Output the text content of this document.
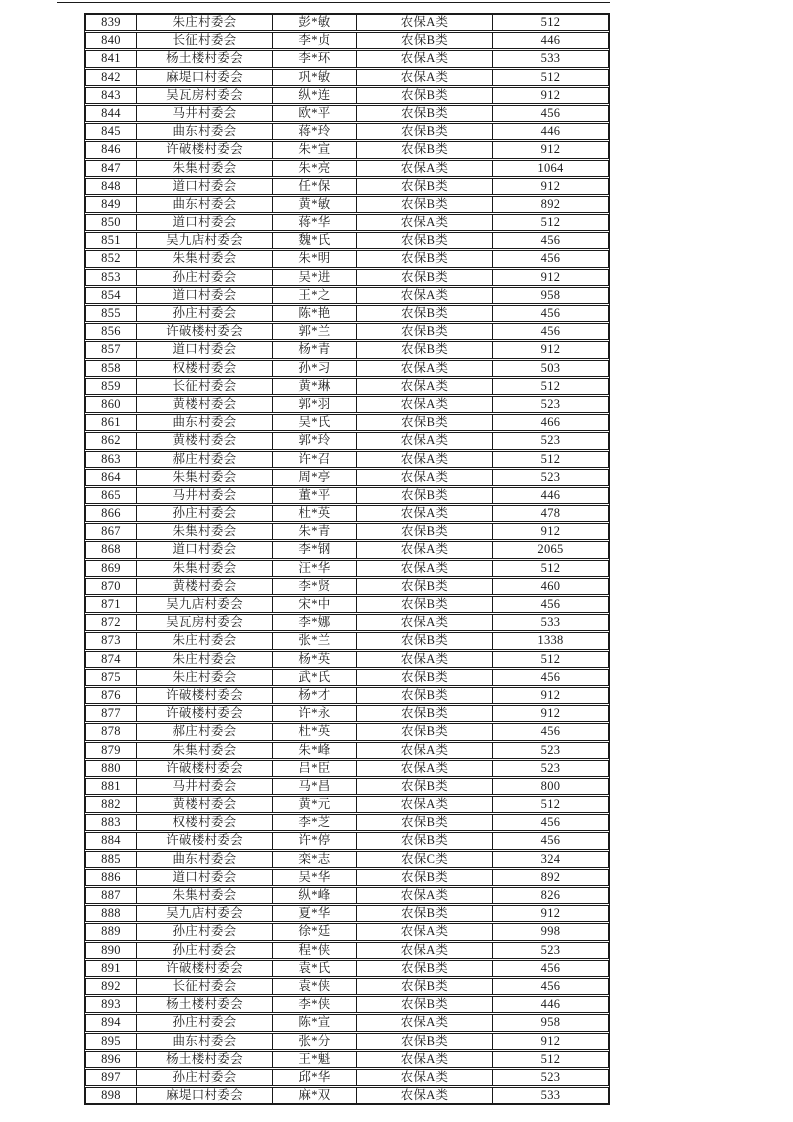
839	朱庄村委会	彭*敏	农保A类	512
840	长征村委会	李*贞	农保B类	446
841	杨土楼村委会	李*环	农保A类	533
842	麻堤口村委会	巩*敏	农保A类	512
843	吴瓦房村委会	纵*连	农保B类	912
844	马井村委会	欧*平	农保B类	456
845	曲东村委会	蒋*玲	农保B类	446
846	许破楼村委会	朱*宣	农保B类	912
847	朱集村委会	朱*亮	农保A类	1064
848	道口村委会	任*保	农保B类	912
849	曲东村委会	黄*敏	农保B类	892
850	道口村委会	蒋*华	农保A类	512
851	吴九店村委会	魏*氏	农保B类	456
852	朱集村委会	朱*明	农保B类	456
853	孙庄村委会	吴*进	农保B类	912
854	道口村委会	王*之	农保A类	958
855	孙庄村委会	陈*艳	农保B类	456
856	许破楼村委会	郭*兰	农保B类	456
857	道口村委会	杨*青	农保B类	912
858	权楼村委会	孙*习	农保A类	503
859	长征村委会	黄*琳	农保A类	512
860	黄楼村委会	郭*羽	农保A类	523
861	曲东村委会	吴*氏	农保B类	466
862	黄楼村委会	郭*玲	农保A类	523
863	郝庄村委会	许*召	农保A类	512
864	朱集村委会	周*亭	农保A类	523
865	马井村委会	董*平	农保B类	446
866	孙庄村委会	杜*英	农保A类	478
867	朱集村委会	朱*青	农保B类	912
868	道口村委会	李*钢	农保A类	2065
869	朱集村委会	汪*华	农保A类	512
870	黄楼村委会	李*贤	农保B类	460
871	吴九店村委会	宋*中	农保B类	456
872	吴瓦房村委会	李*娜	农保A类	533
873	朱庄村委会	张*兰	农保B类	1338
874	朱庄村委会	杨*英	农保A类	512
875	朱庄村委会	武*氏	农保B类	456
876	许破楼村委会	杨*才	农保B类	912
877	许破楼村委会	许*永	农保B类	912
878	郝庄村委会	杜*英	农保B类	456
879	朱集村委会	朱*峰	农保A类	523
880	许破楼村委会	吕*臣	农保A类	523
881	马井村委会	马*昌	农保B类	800
882	黄楼村委会	黄*元	农保A类	512
883	权楼村委会	李*芝	农保B类	456
884	许破楼村委会	许*停	农保B类	456
885	曲东村委会	栾*志	农保C类	324
886	道口村委会	吴*华	农保B类	892
887	朱集村委会	纵*峰	农保A类	826
888	吴九店村委会	夏*华	农保B类	912
889	孙庄村委会	徐*廷	农保A类	998
890	孙庄村委会	程*侠	农保A类	523
891	许破楼村委会	袁*氏	农保B类	456
892	长征村委会	袁*侠	农保B类	456
893	杨土楼村委会	李*侠	农保B类	446
894	孙庄村委会	陈*宣	农保A类	958
895	曲东村委会	张*分	农保B类	912
896	杨土楼村委会	王*魁	农保A类	512
897	孙庄村委会	邱*华	农保A类	523
898	麻堤口村委会	麻*双	农保A类	533
